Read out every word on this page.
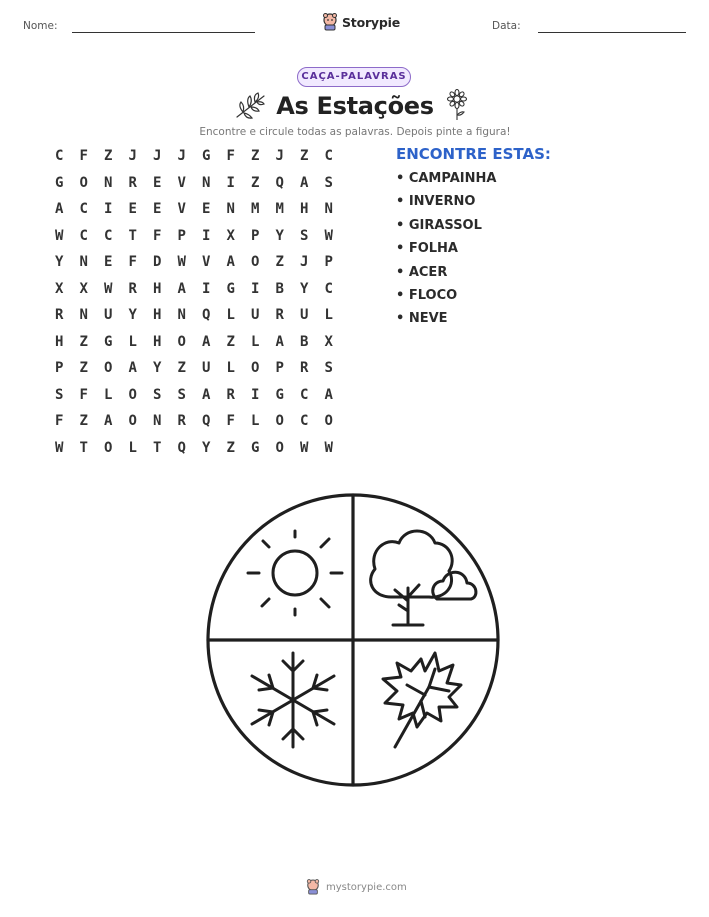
Nome:	Storypie	Data:
CAÇA-PALAVRAS
As Estações
Encontre e circule todas as palavras. Depois pinte a figura!
C	F	Z	J	J	J	G	F	Z	J	Z	C
G	O	N	R	E	V	N	I	Z	Q	A	S
A	C	I	E	E	V	E	N	M	M	H	N
W	C	C	T	F	P	I	X	P	Y	S	W
Y	N	E	F	D	W	V	A	O	Z	J	P
X	X	W	R	H	A	I	G	I	B	Y	C
R	N	U	Y	H	N	Q	L	U	R	U	L
H	Z	G	L	H	O	A	Z	L	A	B	X
P	Z	O	A	Y	Z	U	L	O	P	R	S
S	F	L	O	S	S	A	R	I	G	C	A
F	Z	A	O	N	R	Q	F	L	O	C	O
W	T	O	L	T	Q	Y	Z	G	O	W	W
ENCONTRE ESTAS:
• CAMPAINHA
• INVERNO
• GIRASSOL
• FOLHA
• ACER
• FLOCO
• NEVE
mystorypie.com
